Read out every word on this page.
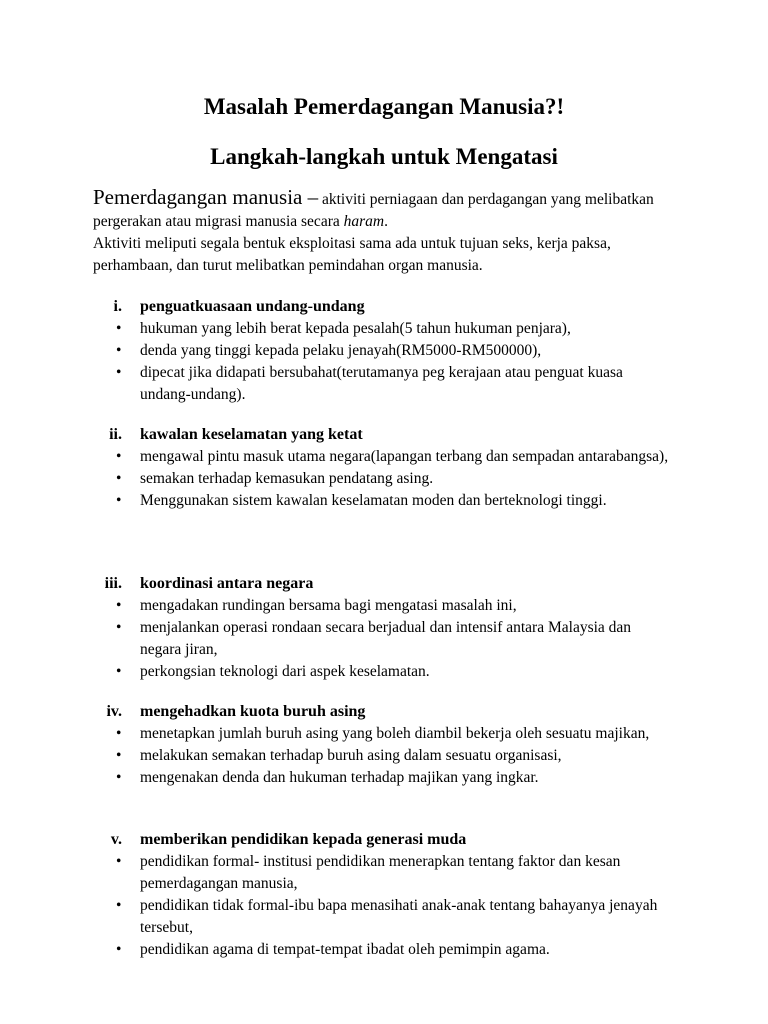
Masalah Pemerdagangan Manusia?!
Langkah-langkah untuk Mengatasi

Pemerdagangan manusia – aktiviti perniagaan dan perdagangan yang melibatkan pergerakan atau migrasi manusia secara haram.

Aktiviti meliputi segala bentuk eksploitasi sama ada untuk tujuan seks, kerja paksa, perhambaan, dan turut melibatkan pemindahan organ manusia.

i. penguatkuasaan undang-undang
• hukuman yang lebih berat kepada pesalah(5 tahun hukuman penjara),
• denda yang tinggi kepada pelaku jenayah(RM5000-RM500000),
• dipecat jika didapati bersubahat(terutamanya peg kerajaan atau penguat kuasa undang-undang).
ii. kawalan keselamatan yang ketat
• mengawal pintu masuk utama negara(lapangan terbang dan sempadan antarabangsa),
• semakan terhadap kemasukan pendatang asing.
• Menggunakan sistem kawalan keselamatan moden dan berteknologi tinggi.
iii. koordinasi antara negara
• mengadakan rundingan bersama bagi mengatasi masalah ini,
• menjalankan operasi rondaan secara berjadual dan intensif antara Malaysia dan negara jiran,
• perkongsian teknologi dari aspek keselamatan.
iv. mengehadkan kuota buruh asing
• menetapkan jumlah buruh asing yang boleh diambil bekerja oleh sesuatu majikan,
• melakukan semakan terhadap buruh asing dalam sesuatu organisasi,
• mengenakan denda dan hukuman terhadap majikan yang ingkar.
v. memberikan pendidikan kepada generasi muda
• pendidikan formal- institusi pendidikan menerapkan tentang faktor dan kesan pemerdagangan manusia,
• pendidikan tidak formal-ibu bapa menasihati anak-anak tentang bahayanya jenayah tersebut,
• pendidikan agama di tempat-tempat ibadat oleh pemimpin agama.
